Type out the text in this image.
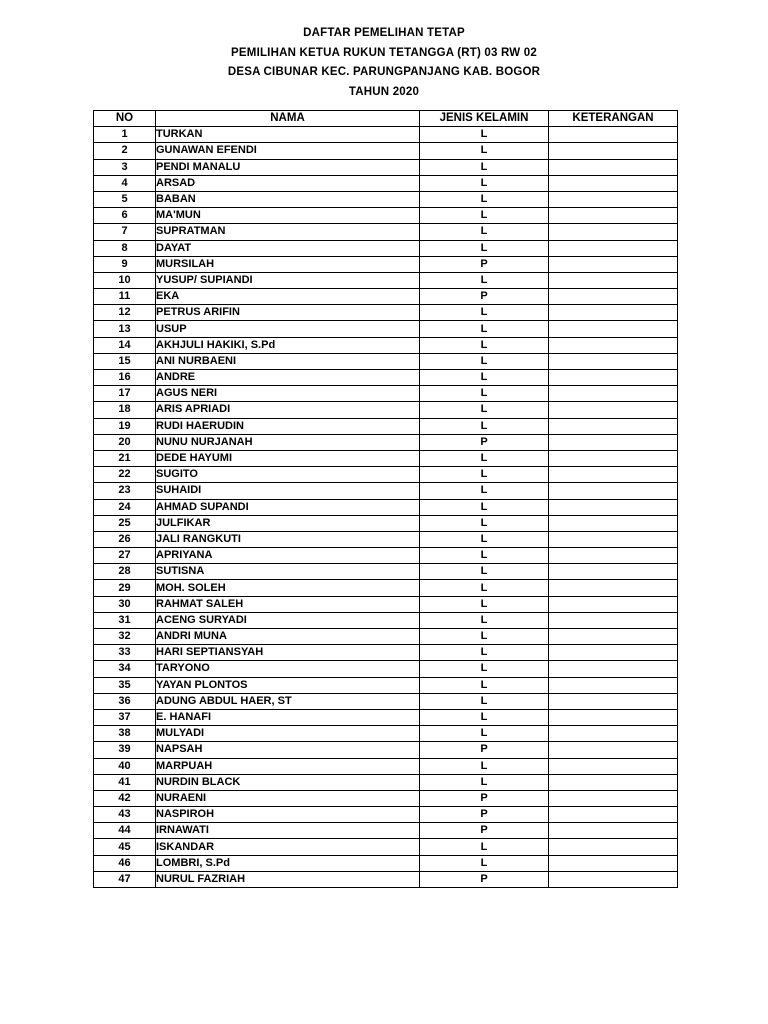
DAFTAR PEMELIHAN TETAP
PEMILIHAN KETUA RUKUN TETANGGA (RT) 03 RW 02
DESA CIBUNAR KEC. PARUNGPANJANG KAB. BOGOR
TAHUN 2020
NO	NAMA	JENIS KELAMIN	KETERANGAN
1	TURKAN	L	
2	GUNAWAN EFENDI	L	
3	PENDI MANALU	L	
4	ARSAD	L	
5	BABAN	L	
6	MA'MUN	L	
7	SUPRATMAN	L	
8	DAYAT	L	
9	MURSILAH	P	
10	YUSUP/ SUPIANDI	L	
11	EKA	P	
12	PETRUS ARIFIN	L	
13	USUP	L	
14	AKHJULI HAKIKI, S.Pd	L	
15	ANI NURBAENI	L	
16	ANDRE	L	
17	AGUS NERI	L	
18	ARIS APRIADI	L	
19	RUDI HAERUDIN	L	
20	NUNU NURJANAH	P	
21	DEDE HAYUMI	L	
22	SUGITO	L	
23	SUHAIDI	L	
24	AHMAD SUPANDI	L	
25	JULFIKAR	L	
26	JALI RANGKUTI	L	
27	APRIYANA	L	
28	SUTISNA	L	
29	MOH. SOLEH	L	
30	RAHMAT SALEH	L	
31	ACENG SURYADI	L	
32	ANDRI MUNA	L	
33	HARI SEPTIANSYAH	L	
34	TARYONO	L	
35	YAYAN PLONTOS	L	
36	ADUNG ABDUL HAER, ST	L	
37	E. HANAFI	L	
38	MULYADI	L	
39	NAPSAH	P	
40	MARPUAH	L	
41	NURDIN BLACK	L	
42	NURAENI	P	
43	NASPIROH	P	
44	IRNAWATI	P	
45	ISKANDAR	L	
46	LOMBRI, S.Pd	L	
47	NURUL FAZRIAH	P	
